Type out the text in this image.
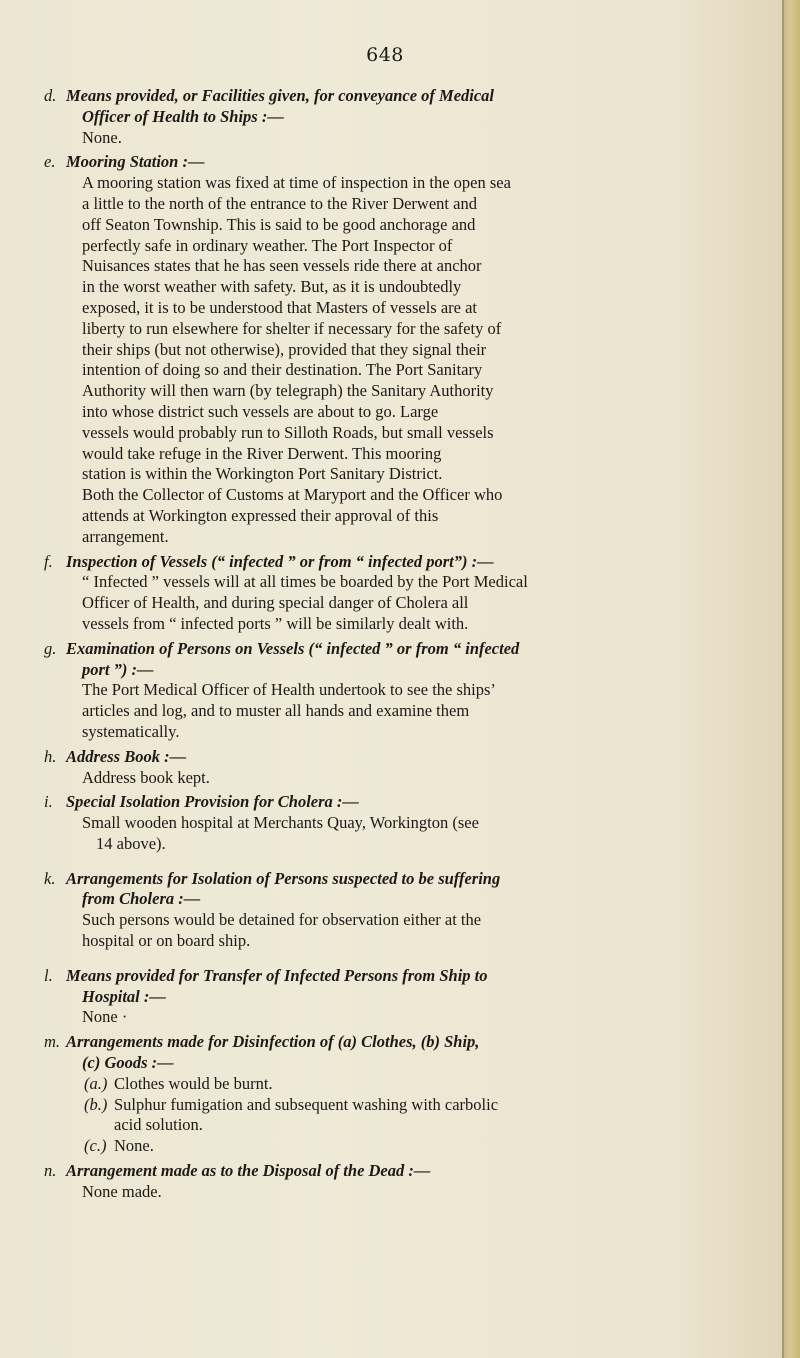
648
d. Means provided, or Facilities given, for conveyance of Medical

Officer of Health to Ships :—

None.

e. Mooring Station :—

A mooring station was fixed at time of inspection in the open sea

a little to the north of the entrance to the River Derwent and

off Seaton Township. This is said to be good anchorage and

perfectly safe in ordinary weather. The Port Inspector of

Nuisances states that he has seen vessels ride there at anchor

in the worst weather with safety. But, as it is undoubtedly

exposed, it is to be understood that Masters of vessels are at

liberty to run elsewhere for shelter if necessary for the safety of

their ships (but not otherwise), provided that they signal their

intention of doing so and their destination. The Port Sanitary

Authority will then warn (by telegraph) the Sanitary Authority

into whose district such vessels are about to go. Large

vessels would probably run to Silloth Roads, but small vessels

would take refuge in the River Derwent. This mooring

station is within the Workington Port Sanitary District.

Both the Collector of Customs at Maryport and the Officer who

attends at Workington expressed their approval of this

arrangement.

f. Inspection of Vessels (“ infected ” or from “ infected port”) :—

“ Infected ” vessels will at all times be boarded by the Port Medical

Officer of Health, and during special danger of Cholera all

vessels from “ infected ports ” will be similarly dealt with.

g. Examination of Persons on Vessels (“ infected ” or from “ infected

port ”) :—

The Port Medical Officer of Health undertook to see the ships’

articles and log, and to muster all hands and examine them

systematically.

h. Address Book :—

Address book kept.

i. Special Isolation Provision for Cholera :—

Small wooden hospital at Merchants Quay, Workington (see

14 above).

k. Arrangements for Isolation of Persons suspected to be suffering

from Cholera :—

Such persons would be detained for observation either at the

hospital or on board ship.

l. Means provided for Transfer of Infected Persons from Ship to

Hospital :—

None ·

m. Arrangements made for Disinfection of (a) Clothes, (b) Ship,

(c) Goods :—

(a.) Clothes would be burnt.
(b.) Sulphur fumigation and subsequent washing with carbolic
acid solution.
(c.) None.
n. Arrangement made as to the Disposal of the Dead :—

None made.
